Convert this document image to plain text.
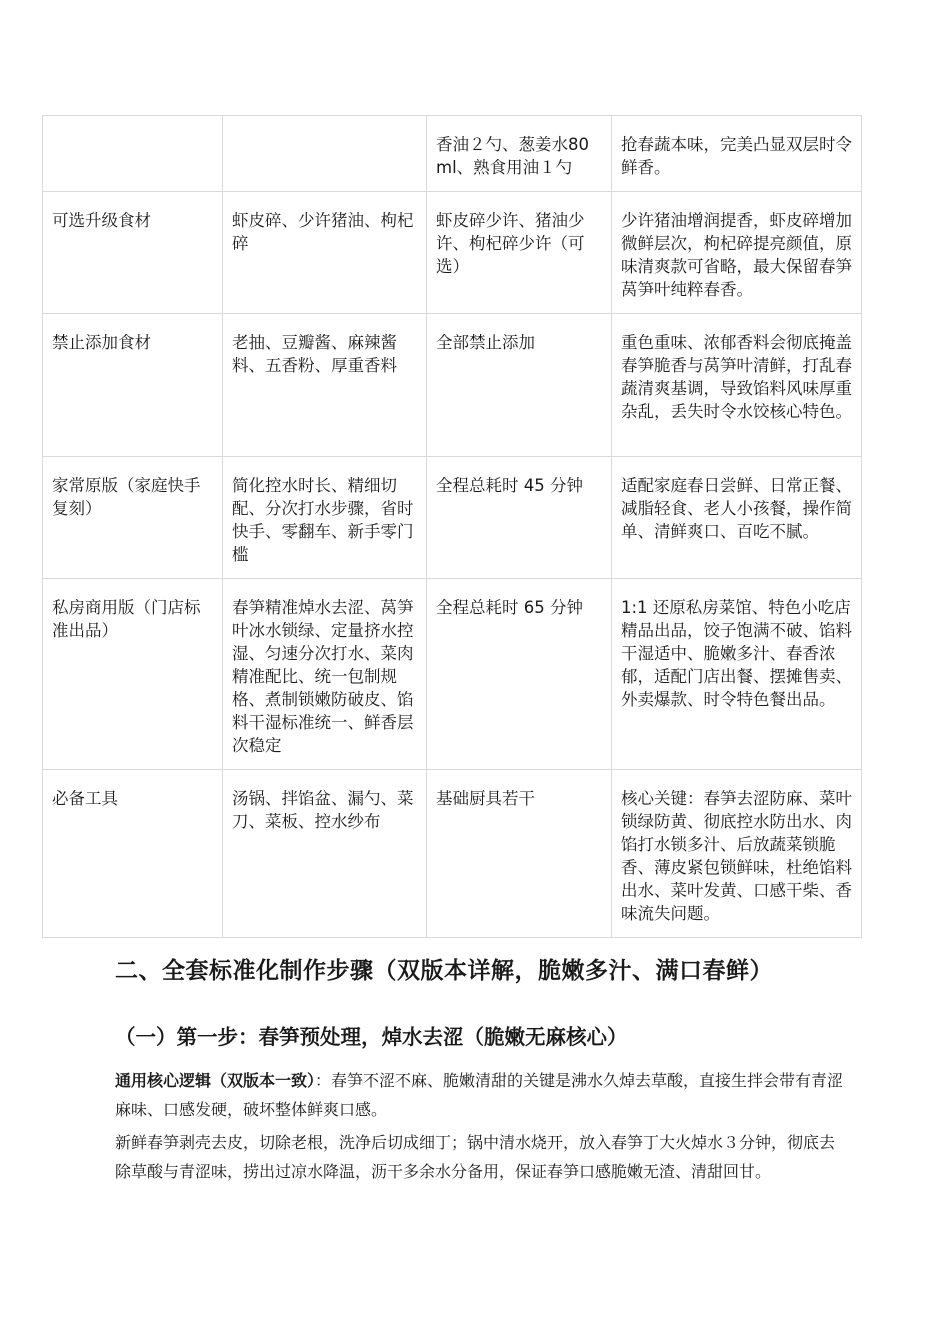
		香油２勺、葱姜水80ml、熟食用油１勺	抢春蔬本味，完美凸显双层时令鲜香。
可选升级食材	虾皮碎、少许猪油、枸杞碎	虾皮碎少许、猪油少许、枸杞碎少许（可选）	少许猪油增润提香，虾皮碎增加微鲜层次，枸杞碎提亮颜值，原味清爽款可省略，最大保留春笋莴笋叶纯粹春香。
禁止添加食材	老抽、豆瓣酱、麻辣酱料、五香粉、厚重香料	全部禁止添加	重色重味、浓郁香料会彻底掩盖春笋脆香与莴笋叶清鲜，打乱春蔬清爽基调，导致馅料风味厚重杂乱，丢失时令水饺核心特色。
家常原版（家庭快手复刻）	简化控水时长、精细切配、分次打水步骤，省时快手、零翻车、新手零门槛	全程总耗时 45 分钟	适配家庭春日尝鲜、日常正餐、减脂轻食、老人小孩餐，操作简单、清鲜爽口、百吃不腻。
私房商用版（门店标准出品）	春笋精准焯水去涩、莴笋叶冰水锁绿、定量挤水控湿、匀速分次打水、菜肉精准配比、统一包制规格、煮制锁嫩防破皮、馅料干湿标准统一、鲜香层次稳定	全程总耗时 65 分钟	1:1 还原私房菜馆、特色小吃店精品出品，饺子饱满不破、馅料干湿适中、脆嫩多汁、春香浓郁，适配门店出餐、摆摊售卖、外卖爆款、时令特色餐出品。
必备工具	汤锅、拌馅盆、漏勺、菜刀、菜板、控水纱布	基础厨具若干	核心关键：春笋去涩防麻、菜叶锁绿防黄、彻底控水防出水、肉馅打水锁多汁、后放蔬菜锁脆香、薄皮紧包锁鲜味，杜绝馅料出水、菜叶发黄、口感干柴、香味流失问题。
二、全套标准化制作步骤（双版本详解，脆嫩多汁、满口春鲜）
（一）第一步：春笋预处理，焯水去涩（脆嫩无麻核心）

通用核心逻辑（双版本一致）：春笋不涩不麻、脆嫩清甜的关键是沸水久焯去草酸，直接生拌会带有青涩麻味、口感发硬，破坏整体鲜爽口感。

新鲜春笋剥壳去皮，切除老根，洗净后切成细丁；锅中清水烧开，放入春笋丁大火焯水３分钟，彻底去除草酸与青涩味，捞出过凉水降温，沥干多余水分备用，保证春笋口感脆嫩无渣、清甜回甘。
